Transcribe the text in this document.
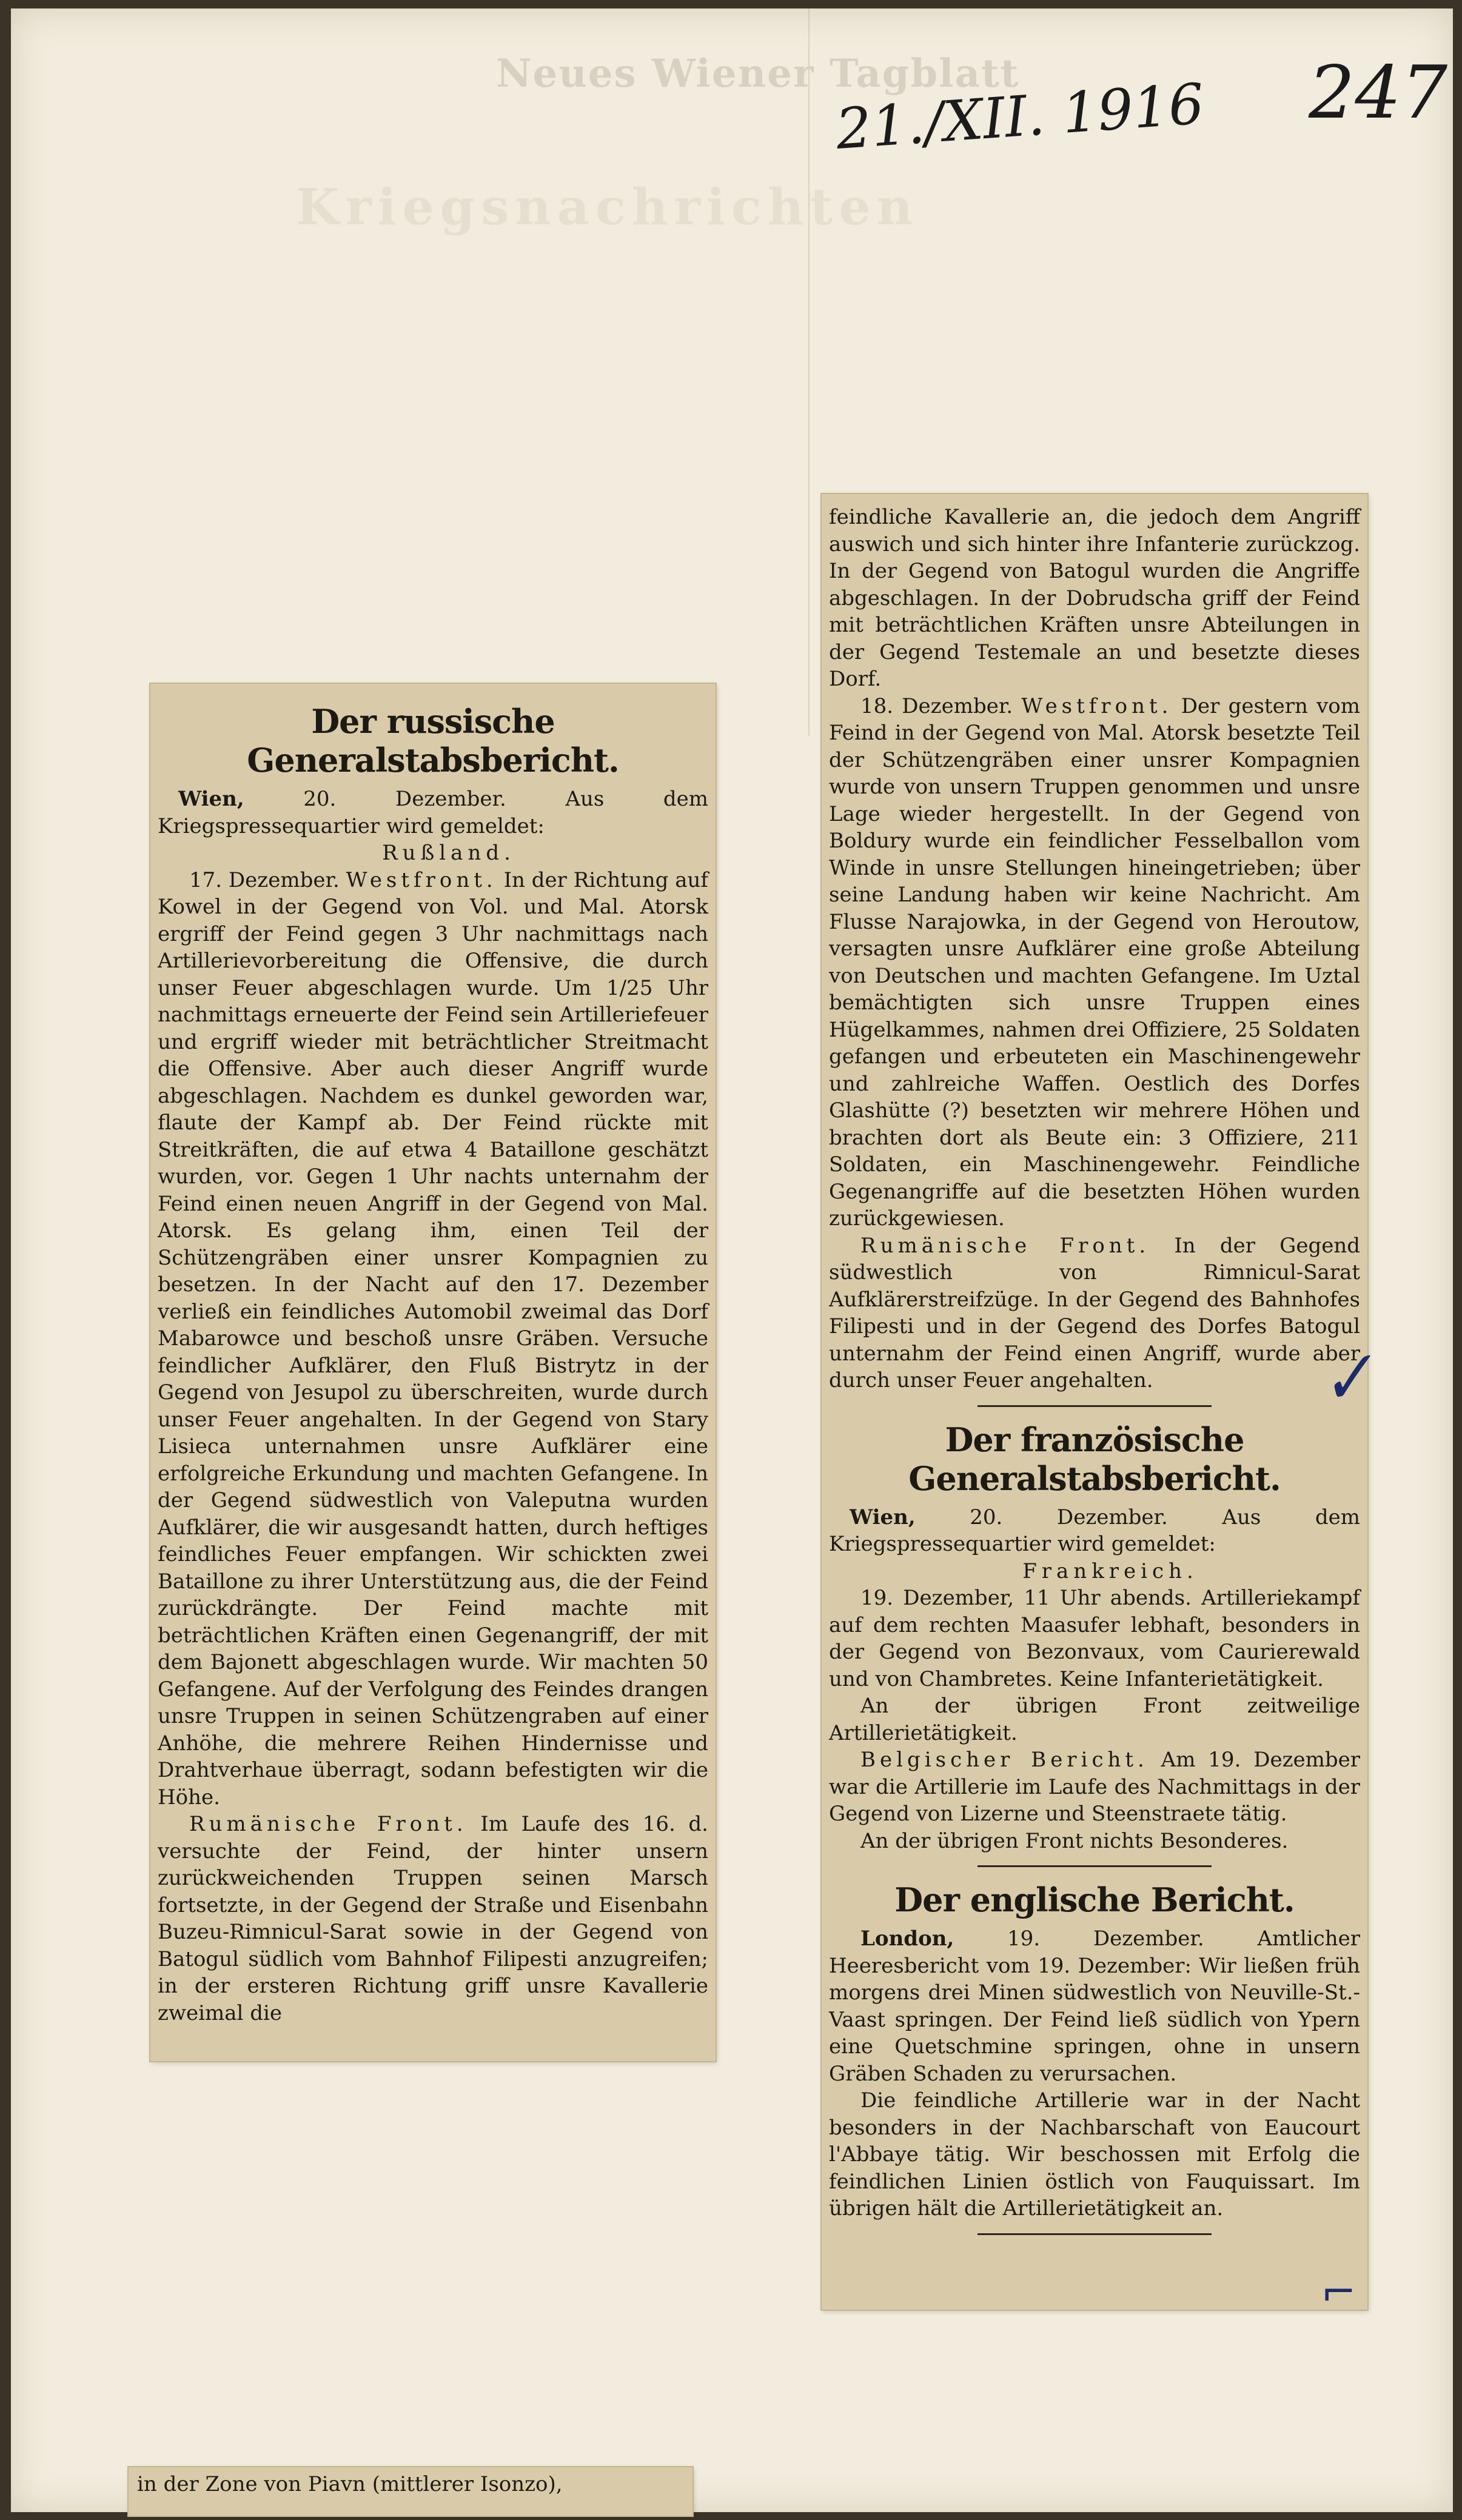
Neues Wiener Tagblatt
Kriegsnachrichten
21./XII. 1916 247
Der russische Generalstabsbericht.

 Wien, 20. Dezember. Aus dem Kriegspressequartier wird gemeldet:

Rußland.

17. Dezember. Westfront. In der Richtung auf Kowel in der Gegend von Vol. und Mal. Atorsk ergriff der Feind gegen 3 Uhr nachmittags nach Artillerievorbereitung die Offensive, die durch unser Feuer abgeschlagen wurde. Um 1/25 Uhr nachmittags erneuerte der Feind sein Artilleriefeuer und ergriff wieder mit beträchtlicher Streitmacht die Offensive. Aber auch dieser Angriff wurde abgeschlagen. Nachdem es dunkel geworden war, flaute der Kampf ab. Der Feind rückte mit Streitkräften, die auf etwa 4 Bataillone geschätzt wurden, vor. Gegen 1 Uhr nachts unternahm der Feind einen neuen Angriff in der Gegend von Mal. Atorsk. Es gelang ihm, einen Teil der Schützengräben einer unsrer Kompagnien zu besetzen. In der Nacht auf den 17. Dezember verließ ein feindliches Automobil zweimal das Dorf Mabarowce und beschoß unsre Gräben. Versuche feindlicher Aufklärer, den Fluß Bistrytz in der Gegend von Jesupol zu überschreiten, wurde durch unser Feuer angehalten. In der Gegend von Stary Lisieca unternahmen unsre Aufklärer eine erfolgreiche Erkundung und machten Gefangene. In der Gegend südwestlich von Valeputna wurden Aufklärer, die wir ausgesandt hatten, durch heftiges feindliches Feuer empfangen. Wir schickten zwei Bataillone zu ihrer Unterstützung aus, die der Feind zurückdrängte. Der Feind machte mit beträchtlichen Kräften einen Gegenangriff, der mit dem Bajonett abgeschlagen wurde. Wir machten 50 Gefangene. Auf der Verfolgung des Feindes drangen unsre Truppen in seinen Schützengraben auf einer Anhöhe, die mehrere Reihen Hindernisse und Drahtverhaue überragt, sodann befestigten wir die Höhe.

Rumänische Front. Im Laufe des 16. d. versuchte der Feind, der hinter unsern zurückweichenden Truppen seinen Marsch fortsetzte, in der Gegend der Straße und Eisenbahn Buzeu-Rimnicul-Sarat sowie in der Gegend von Batogul südlich vom Bahnhof Filipesti anzugreifen; in der ersteren Richtung griff unsre Kavallerie zweimal die

feindliche Kavallerie an, die jedoch dem Angriff auswich und sich hinter ihre Infanterie zurückzog. In der Gegend von Batogul wurden die Angriffe abgeschlagen. In der Dobrudscha griff der Feind mit beträchtlichen Kräften unsre Abteilungen in der Gegend Testemale an und besetzte dieses Dorf.

18. Dezember. Westfront. Der gestern vom Feind in der Gegend von Mal. Atorsk besetzte Teil der Schützengräben einer unsrer Kompagnien wurde von unsern Truppen genommen und unsre Lage wieder hergestellt. In der Gegend von Boldury wurde ein feindlicher Fesselballon vom Winde in unsre Stellungen hineingetrieben; über seine Landung haben wir keine Nachricht. Am Flusse Narajowka, in der Gegend von Heroutow, versagten unsre Aufklärer eine große Abteilung von Deutschen und machten Gefangene. Im Uztal bemächtigten sich unsre Truppen eines Hügelkammes, nahmen drei Offiziere, 25 Soldaten gefangen und erbeuteten ein Maschinengewehr und zahlreiche Waffen. Oestlich des Dorfes Glashütte (?) besetzten wir mehrere Höhen und brachten dort als Beute ein: 3 Offiziere, 211 Soldaten, ein Maschinengewehr. Feindliche Gegenangriffe auf die besetzten Höhen wurden zurückgewiesen.

Rumänische Front. In der Gegend südwestlich von Rimnicul-Sarat Aufklärerstreifzüge. In der Gegend des Bahnhofes Filipesti und in der Gegend des Dorfes Batogul unternahm der Feind einen Angriff, wurde aber durch unser Feuer angehalten.

Der französische Generalstabsbericht.

 Wien, 20. Dezember. Aus dem Kriegspressequartier wird gemeldet:

Frankreich.

19. Dezember, 11 Uhr abends. Artilleriekampf auf dem rechten Maasufer lebhaft, besonders in der Gegend von Bezonvaux, vom Caurierewald und von Chambretes. Keine Infanterietätigkeit.

An der übrigen Front zeitweilige Artillerietätigkeit.

Belgischer Bericht. Am 19. Dezember war die Artillerie im Laufe des Nachmittags in der Gegend von Lizerne und Steenstraete tätig.

An der übrigen Front nichts Besonderes.

Der englische Bericht.

London, 19. Dezember. Amtlicher Heeresbericht vom 19. Dezember: Wir ließen früh morgens drei Minen südwestlich von Neuville-St.-Vaast springen. Der Feind ließ südlich von Ypern eine Quetschmine springen, ohne in unsern Gräben Schaden zu verursachen.

Die feindliche Artillerie war in der Nacht besonders in der Nachbarschaft von Eaucourt l'Abbaye tätig. Wir beschossen mit Erfolg die feindlichen Linien östlich von Fauquissart. Im übrigen hält die Artillerietätigkeit an.

✓
⌐

in der Zone von Piavn (mittlerer Isonzo),
